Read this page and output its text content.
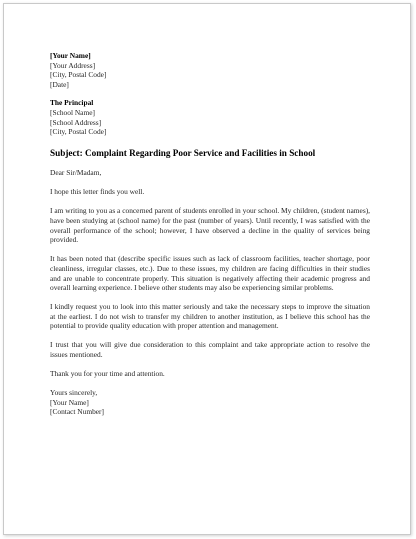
[Your Name]
[Your Address]
[City, Postal Code]
[Date]
The Principal
[School Name]
[School Address]
[City, Postal Code]
Subject: Complaint Regarding Poor Service and Facilities in School

Dear Sir/Madam,

I hope this letter finds you well.

I am writing to you as a concerned parent of students enrolled in your school. My children, (student names), have been studying at (school name) for the past (number of years). Until recently, I was satisfied with the overall performance of the school; however, I have observed a decline in the quality of services being provided.

It has been noted that (describe specific issues such as lack of classroom facilities, teacher shortage, poor cleanliness, irregular classes, etc.). Due to these issues, my children are facing difficulties in their studies and are unable to concentrate properly. This situation is negatively affecting their academic progress and overall learning experience. I believe other students may also be experiencing similar problems.

I kindly request you to look into this matter seriously and take the necessary steps to improve the situation at the earliest. I do not wish to transfer my children to another institution, as I believe this school has the potential to provide quality education with proper attention and management.

I trust that you will give due consideration to this complaint and take appropriate action to resolve the issues mentioned.

Thank you for your time and attention.

Yours sincerely,
[Your Name]
[Contact Number]
